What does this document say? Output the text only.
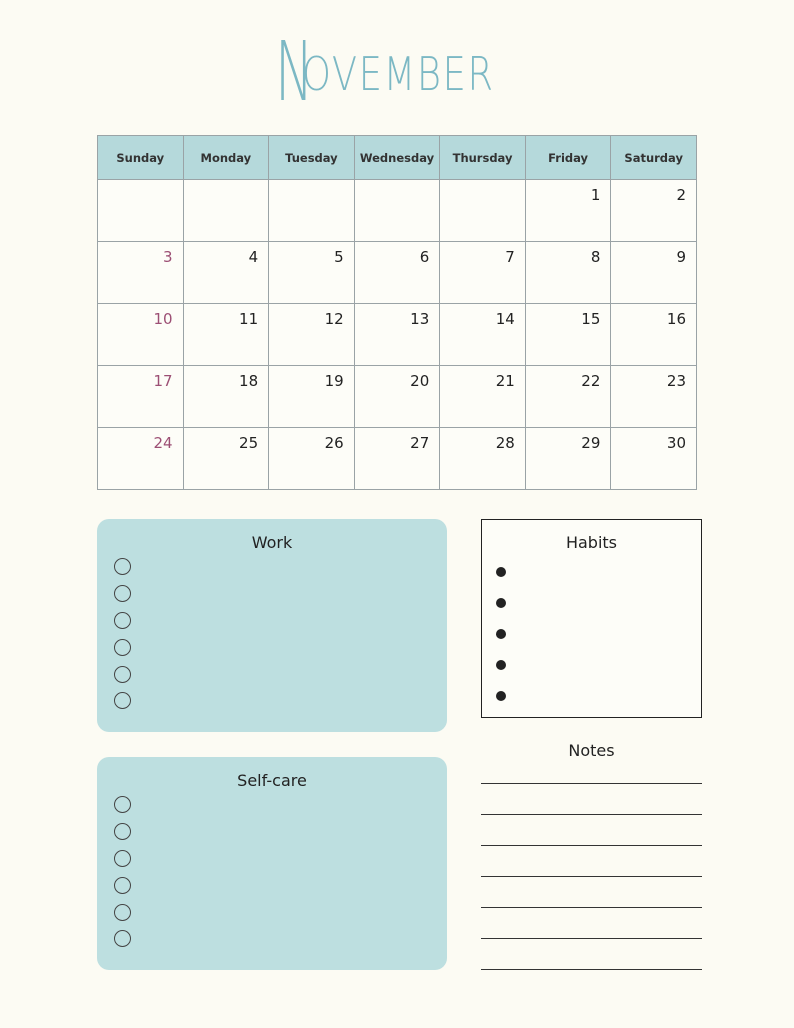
NOVEMBER
Sunday	Monday	Tuesday	Wednesday	Thursday	Friday	Saturday
					1	2
3	4	5	6	7	8	9
10	11	12	13	14	15	16
17	18	19	20	21	22	23
24	25	26	27	28	29	30
Work
Self-care
Habits
Notes
